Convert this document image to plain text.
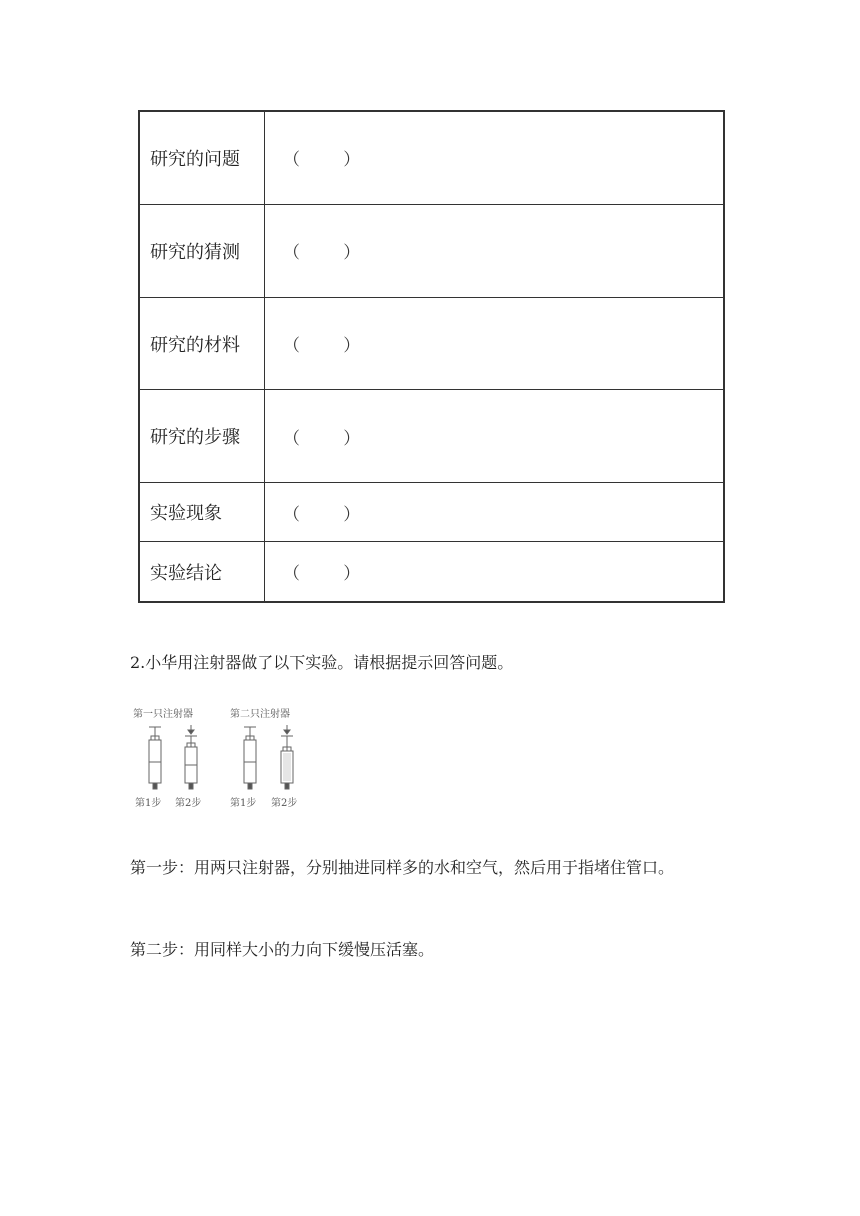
研究的问题	（        ）
研究的猜测	（        ）
研究的材料	（        ）
研究的步骤	（        ）
实验现象	（        ）
实验结论	（        ）
2.小华用注射器做了以下实验。请根据提示回答问题。
第一只注射器	第二只注射器
第1步 第2步	第1步 第2步
第一步：用两只注射器，分别抽进同样多的水和空气，然后用于指堵住管口。
第二步：用同样大小的力向下缓慢压活塞。
